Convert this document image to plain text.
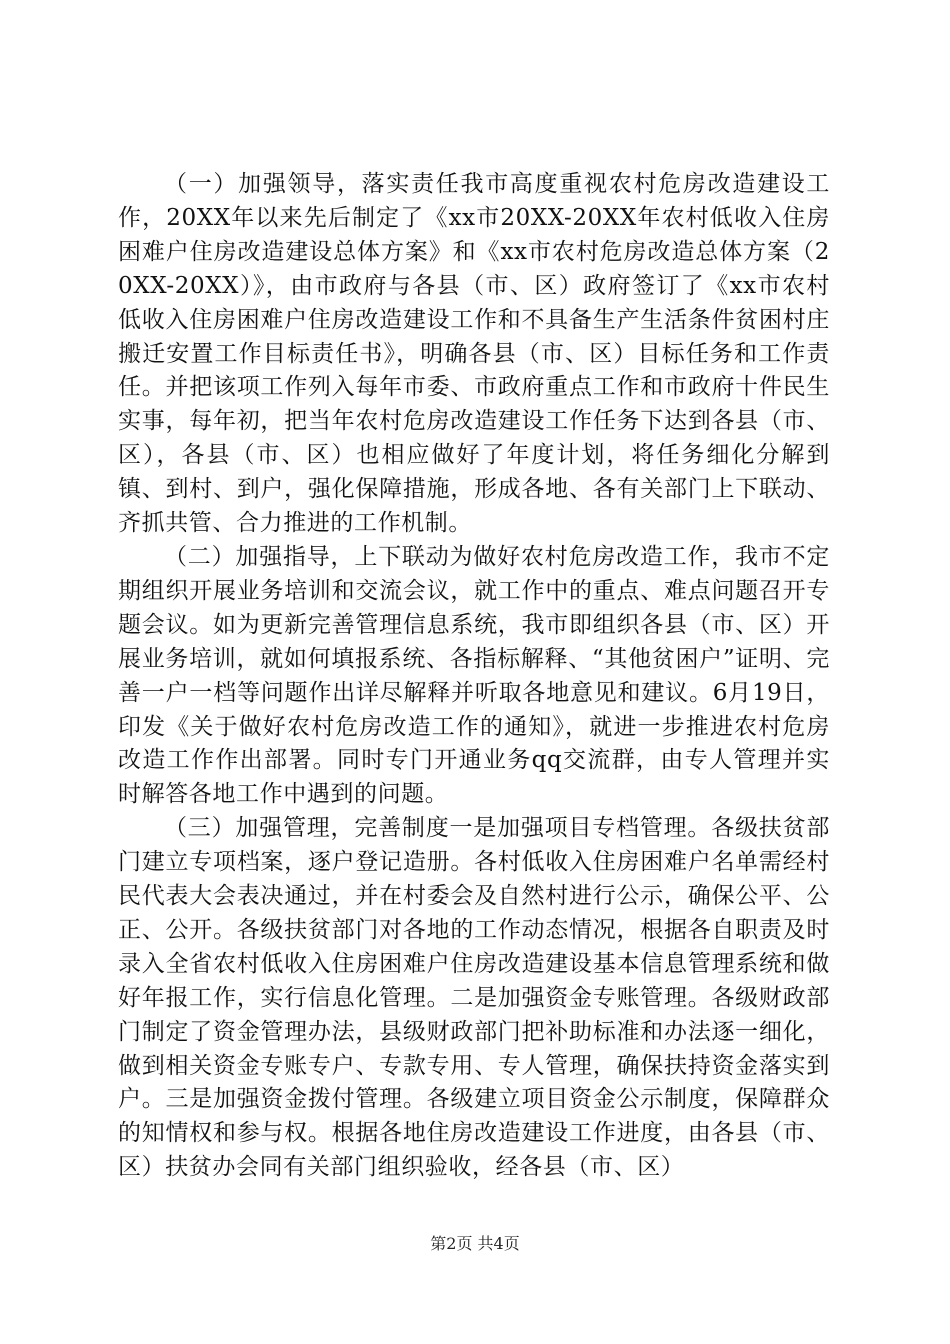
（一）加强领导，落实责任我市高度重视农村危房改造建设工作，20XX年以来先后制定了《xx市20XX-20XX年农村低收入住房困难户住房改造建设总体方案》和《xx市农村危房改造总体方案（20XX-20XX）》，由市政府与各县（市、区）政府签订了《xx市农村低收入住房困难户住房改造建设工作和不具备生产生活条件贫困村庄搬迁安置工作目标责任书》，明确各县（市、区）目标任务和工作责任。并把该项工作列入每年市委、市政府重点工作和市政府十件民生实事，每年初，把当年农村危房改造建设工作任务下达到各县（市、区），各县（市、区）也相应做好了年度计划，将任务细化分解到镇、到村、到户，强化保障措施，形成各地、各有关部门上下联动、齐抓共管、合力推进的工作机制。

（二）加强指导，上下联动为做好农村危房改造工作，我市不定期组织开展业务培训和交流会议，就工作中的重点、难点问题召开专题会议。如为更新完善管理信息系统，我市即组织各县（市、区）开展业务培训，就如何填报系统、各指标解释、“其他贫困户”证明、完善一户一档等问题作出详尽解释并听取各地意见和建议。6月19日，印发《关于做好农村危房改造工作的通知》，就进一步推进农村危房改造工作作出部署。同时专门开通业务qq交流群，由专人管理并实时解答各地工作中遇到的问题。

（三）加强管理，完善制度一是加强项目专档管理。各级扶贫部门建立专项档案，逐户登记造册。各村低收入住房困难户名单需经村民代表大会表决通过，并在村委会及自然村进行公示，确保公平、公正、公开。各级扶贫部门对各地的工作动态情况，根据各自职责及时录入全省农村低收入住房困难户住房改造建设基本信息管理系统和做好年报工作，实行信息化管理。二是加强资金专账管理。各级财政部门制定了资金管理办法，县级财政部门把补助标准和办法逐一细化，做到相关资金专账专户、专款专用、专人管理，确保扶持资金落实到户。三是加强资金拨付管理。各级建立项目资金公示制度，保障群众的知情权和参与权。根据各地住房改造建设工作进度，由各县（市、区）扶贫办会同有关部门组织验收，经各县（市、区）

第2页 共4页
